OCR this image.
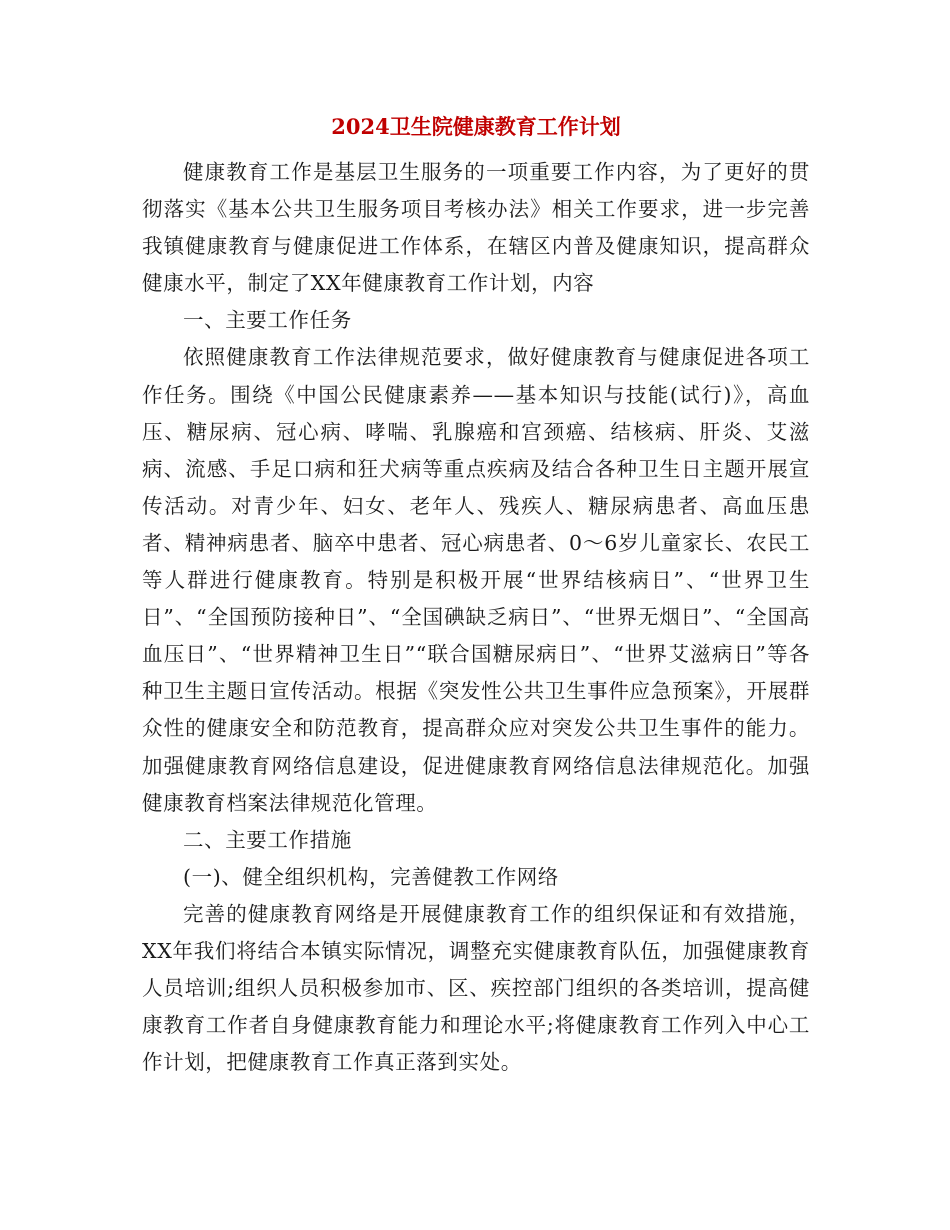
2024卫生院健康教育工作计划

健康教育工作是基层卫生服务的一项重要工作内容，为了更好的贯彻落实《基本公共卫生服务项目考核办法》相关工作要求，进一步完善我镇健康教育与健康促进工作体系，在辖区内普及健康知识，提高群众健康水平，制定了XX年健康教育工作计划，内容

一、主要工作任务

依照健康教育工作法律规范要求，做好健康教育与健康促进各项工作任务。围绕《中国公民健康素养——基本知识与技能(试行)》，高血压、糖尿病、冠心病、哮喘、乳腺癌和宫颈癌、结核病、肝炎、艾滋病、流感、手足口病和狂犬病等重点疾病及结合各种卫生日主题开展宣传活动。对青少年、妇女、老年人、残疾人、糖尿病患者、高血压患者、精神病患者、脑卒中患者、冠心病患者、0～6岁儿童家长、农民工等人群进行健康教育。特别是积极开展“世界结核病日”、“世界卫生日”、“全国预防接种日”、“全国碘缺乏病日”、“世界无烟日”、“全国高血压日”、“世界精神卫生日”“联合国糖尿病日”、“世界艾滋病日”等各种卫生主题日宣传活动。根据《突发性公共卫生事件应急预案》，开展群众性的健康安全和防范教育，提高群众应对突发公共卫生事件的能力。加强健康教育网络信息建设，促进健康教育网络信息法律规范化。加强健康教育档案法律规范化管理。

二、主要工作措施

(一)、健全组织机构，完善健教工作网络

完善的健康教育网络是开展健康教育工作的组织保证和有效措施，XX年我们将结合本镇实际情况，调整充实健康教育队伍，加强健康教育人员培训;组织人员积极参加市、区、疾控部门组织的各类培训，提高健康教育工作者自身健康教育能力和理论水平;将健康教育工作列入中心工作计划，把健康教育工作真正落到实处。
